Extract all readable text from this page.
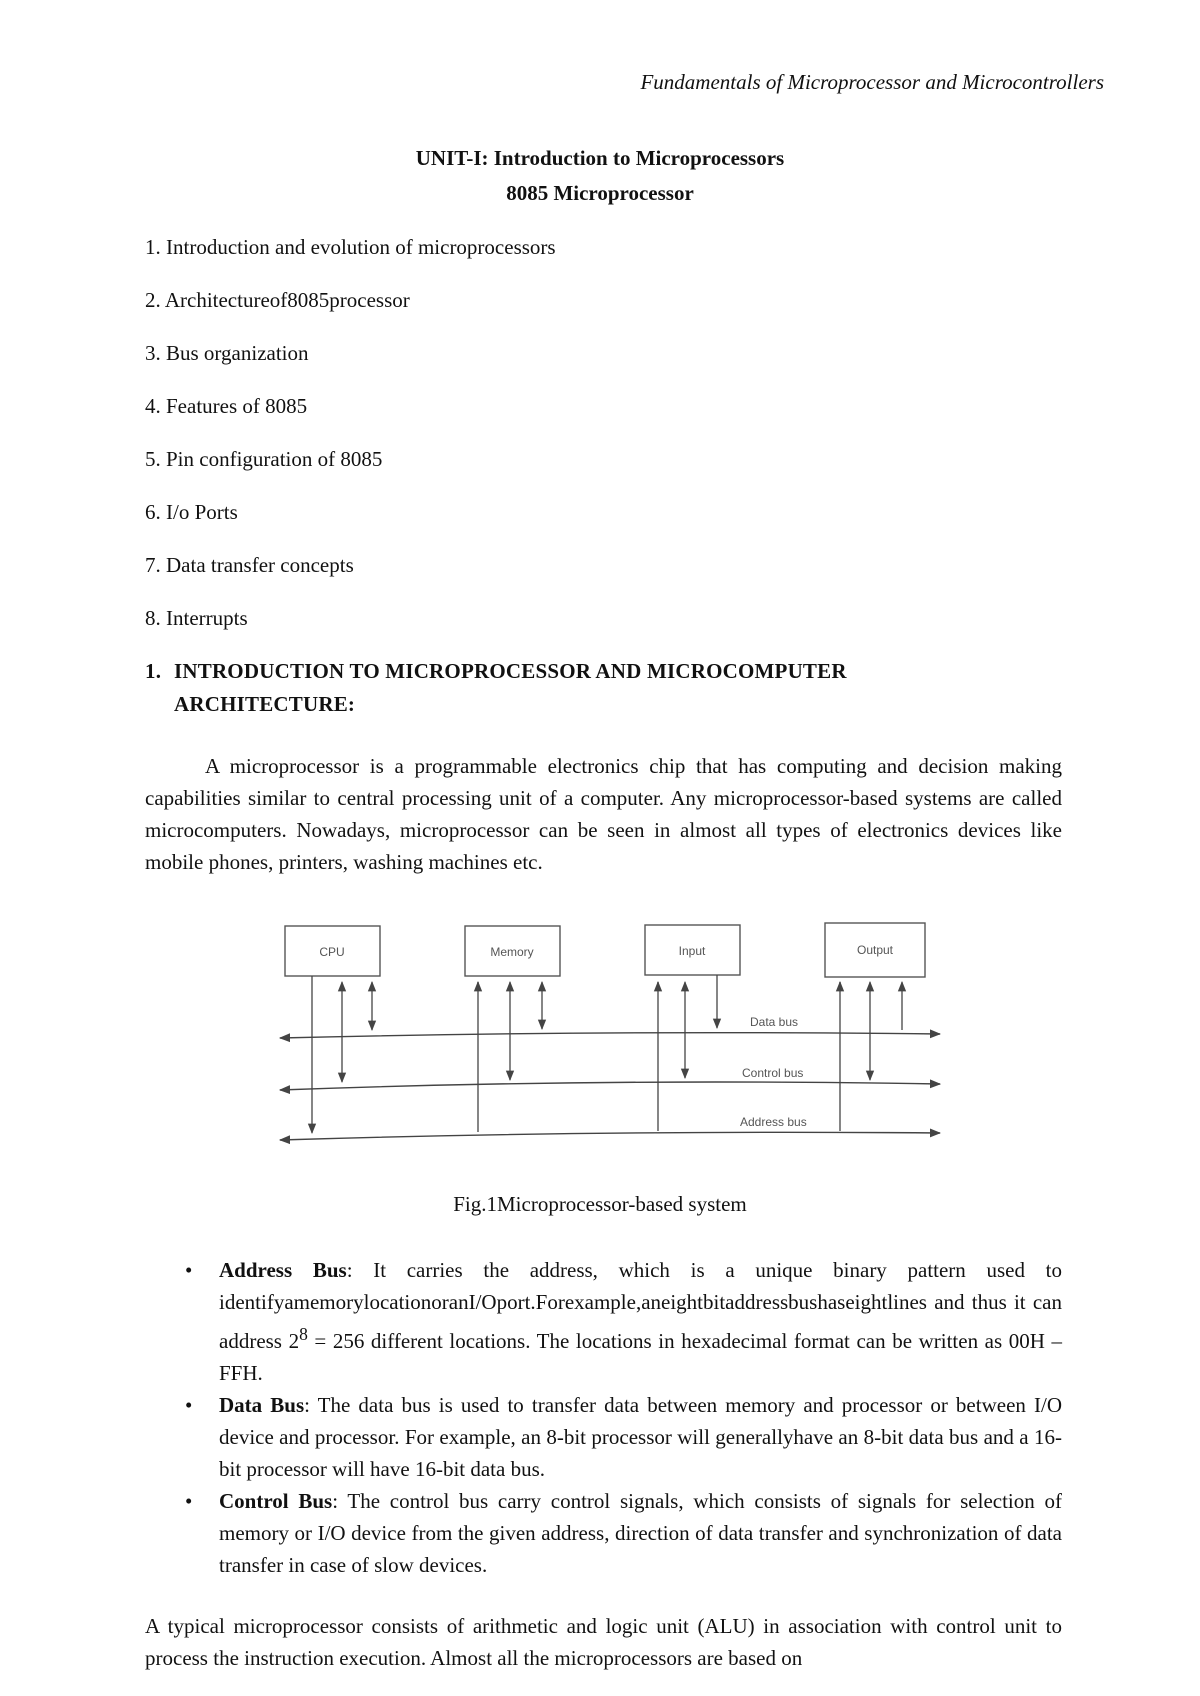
Fundamentals of Microprocessor and Microcontrollers
UNIT-I: Introduction to Microprocessors
8085 Microprocessor
1. Introduction and evolution of microprocessors
2. Architectureof8085processor
3. Bus organization
4. Features of 8085
5. Pin configuration of 8085
6. I/o Ports
7. Data transfer concepts
8. Interrupts
1. INTRODUCTION TO MICROPROCESSOR AND MICROCOMPUTER
ARCHITECTURE:

A microprocessor is a programmable electronics chip that has computing and decision making capabilities similar to central processing unit of a computer. Any microprocessor-based systems are called microcomputers. Nowadays, microprocessor can be seen in almost all types of electronics devices like mobile phones, printers, washing machines etc.

CPU	Memory	Input	Output
Data bus
Control bus
Address bus
Fig.1Microprocessor-based system
• Address Bus: It carries the address, which is a unique binary pattern used to identifyamemorylocationoranI/Oport.Forexample,aneightbitaddressbushaseightlines and thus it can address $2^8 = 256$ different locations. The locations in hexadecimal format can be written as 00H – FFH.
• Data Bus: The data bus is used to transfer data between memory and processor or between I/O device and processor. For example, an 8-bit processor will generallyhave an 8-bit data bus and a 16-bit processor will have 16-bit data bus.
• Control Bus: The control bus carry control signals, which consists of signals for selection of memory or I/O device from the given address, direction of data transfer and synchronization of data transfer in case of slow devices.

A typical microprocessor consists of arithmetic and logic unit (ALU) in association with control unit to process the instruction execution. Almost all the microprocessors are based on
